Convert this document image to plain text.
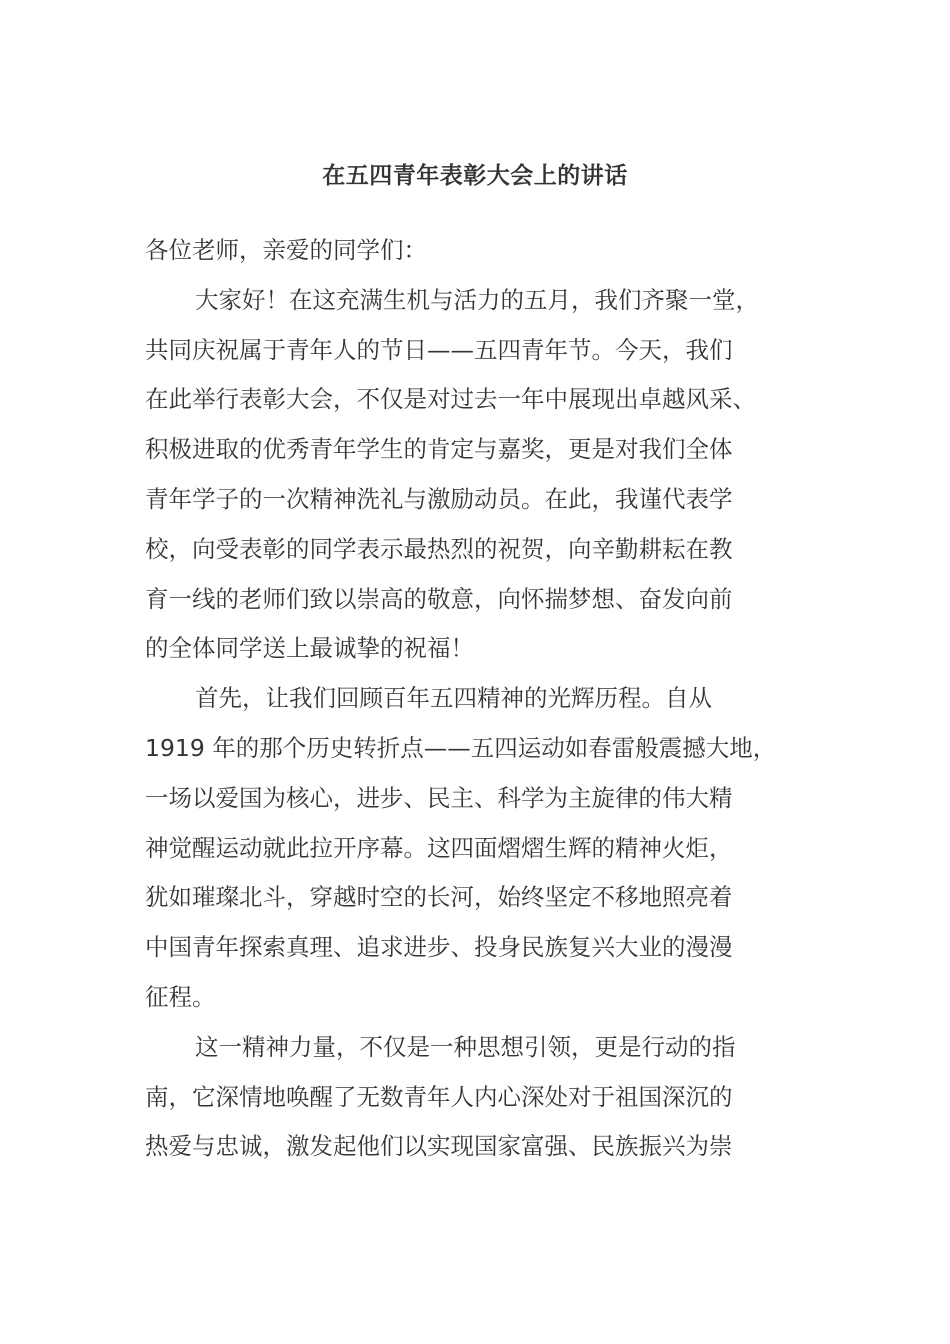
在五四青年表彰大会上的讲话
各位老师，亲爱的同学们：
大家好！在这充满生机与活力的五月，我们齐聚一堂，
共同庆祝属于青年人的节日——五四青年节。今天，我们
在此举行表彰大会，不仅是对过去一年中展现出卓越风采、
积极进取的优秀青年学生的肯定与嘉奖，更是对我们全体
青年学子的一次精神洗礼与激励动员。在此，我谨代表学
校，向受表彰的同学表示最热烈的祝贺，向辛勤耕耘在教
育一线的老师们致以崇高的敬意，向怀揣梦想、奋发向前
的全体同学送上最诚挚的祝福！
首先，让我们回顾百年五四精神的光辉历程。自从
1919 年的那个历史转折点——五四运动如春雷般震撼大地，
一场以爱国为核心，进步、民主、科学为主旋律的伟大精
神觉醒运动就此拉开序幕。这四面熠熠生辉的精神火炬，
犹如璀璨北斗，穿越时空的长河，始终坚定不移地照亮着
中国青年探索真理、追求进步、投身民族复兴大业的漫漫
征程。
这一精神力量，不仅是一种思想引领，更是行动的指
南，它深情地唤醒了无数青年人内心深处对于祖国深沉的
热爱与忠诚，激发起他们以实现国家富强、民族振兴为崇
